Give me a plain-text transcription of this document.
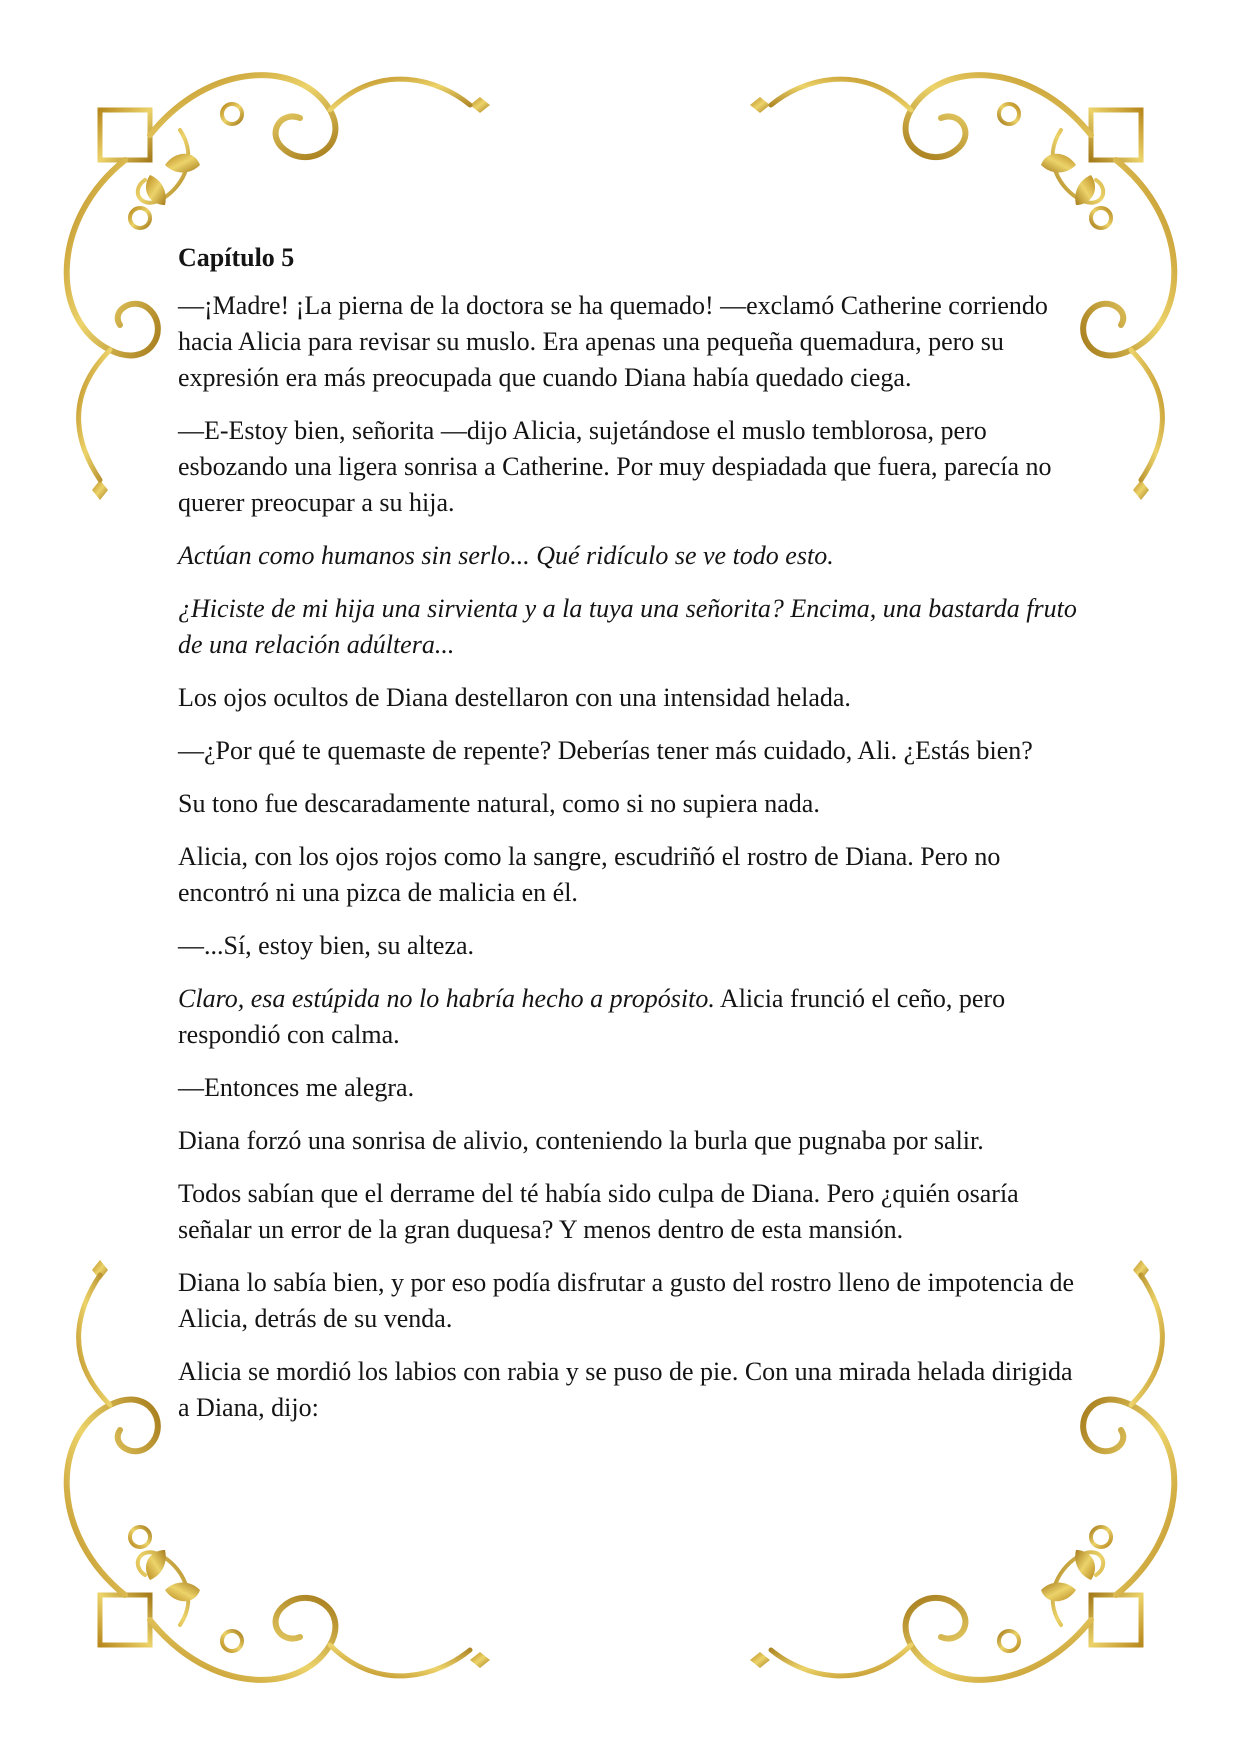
Capítulo 5

—¡Madre! ¡La pierna de la doctora se ha quemado! —exclamó Catherine corriendo hacia Alicia para revisar su muslo. Era apenas una pequeña quemadura, pero su expresión era más preocupada que cuando Diana había quedado ciega.

—E-Estoy bien, señorita —dijo Alicia, sujetándose el muslo temblorosa, pero esbozando una ligera sonrisa a Catherine. Por muy despiadada que fuera, parecía no querer preocupar a su hija.

Actúan como humanos sin serlo... Qué ridículo se ve todo esto.

¿Hiciste de mi hija una sirvienta y a la tuya una señorita? Encima, una bastarda fruto de una relación adúltera...

Los ojos ocultos de Diana destellaron con una intensidad helada.

—¿Por qué te quemaste de repente? Deberías tener más cuidado, Ali. ¿Estás bien?

Su tono fue descaradamente natural, como si no supiera nada.

Alicia, con los ojos rojos como la sangre, escudriñó el rostro de Diana. Pero no encontró ni una pizca de malicia en él.

—...Sí, estoy bien, su alteza.

Claro, esa estúpida no lo habría hecho a propósito. Alicia frunció el ceño, pero respondió con calma.

—Entonces me alegra.

Diana forzó una sonrisa de alivio, conteniendo la burla que pugnaba por salir.

Todos sabían que el derrame del té había sido culpa de Diana. Pero ¿quién osaría señalar un error de la gran duquesa? Y menos dentro de esta mansión.

Diana lo sabía bien, y por eso podía disfrutar a gusto del rostro lleno de impotencia de Alicia, detrás de su venda.

Alicia se mordió los labios con rabia y se puso de pie. Con una mirada helada dirigida a Diana, dijo:
